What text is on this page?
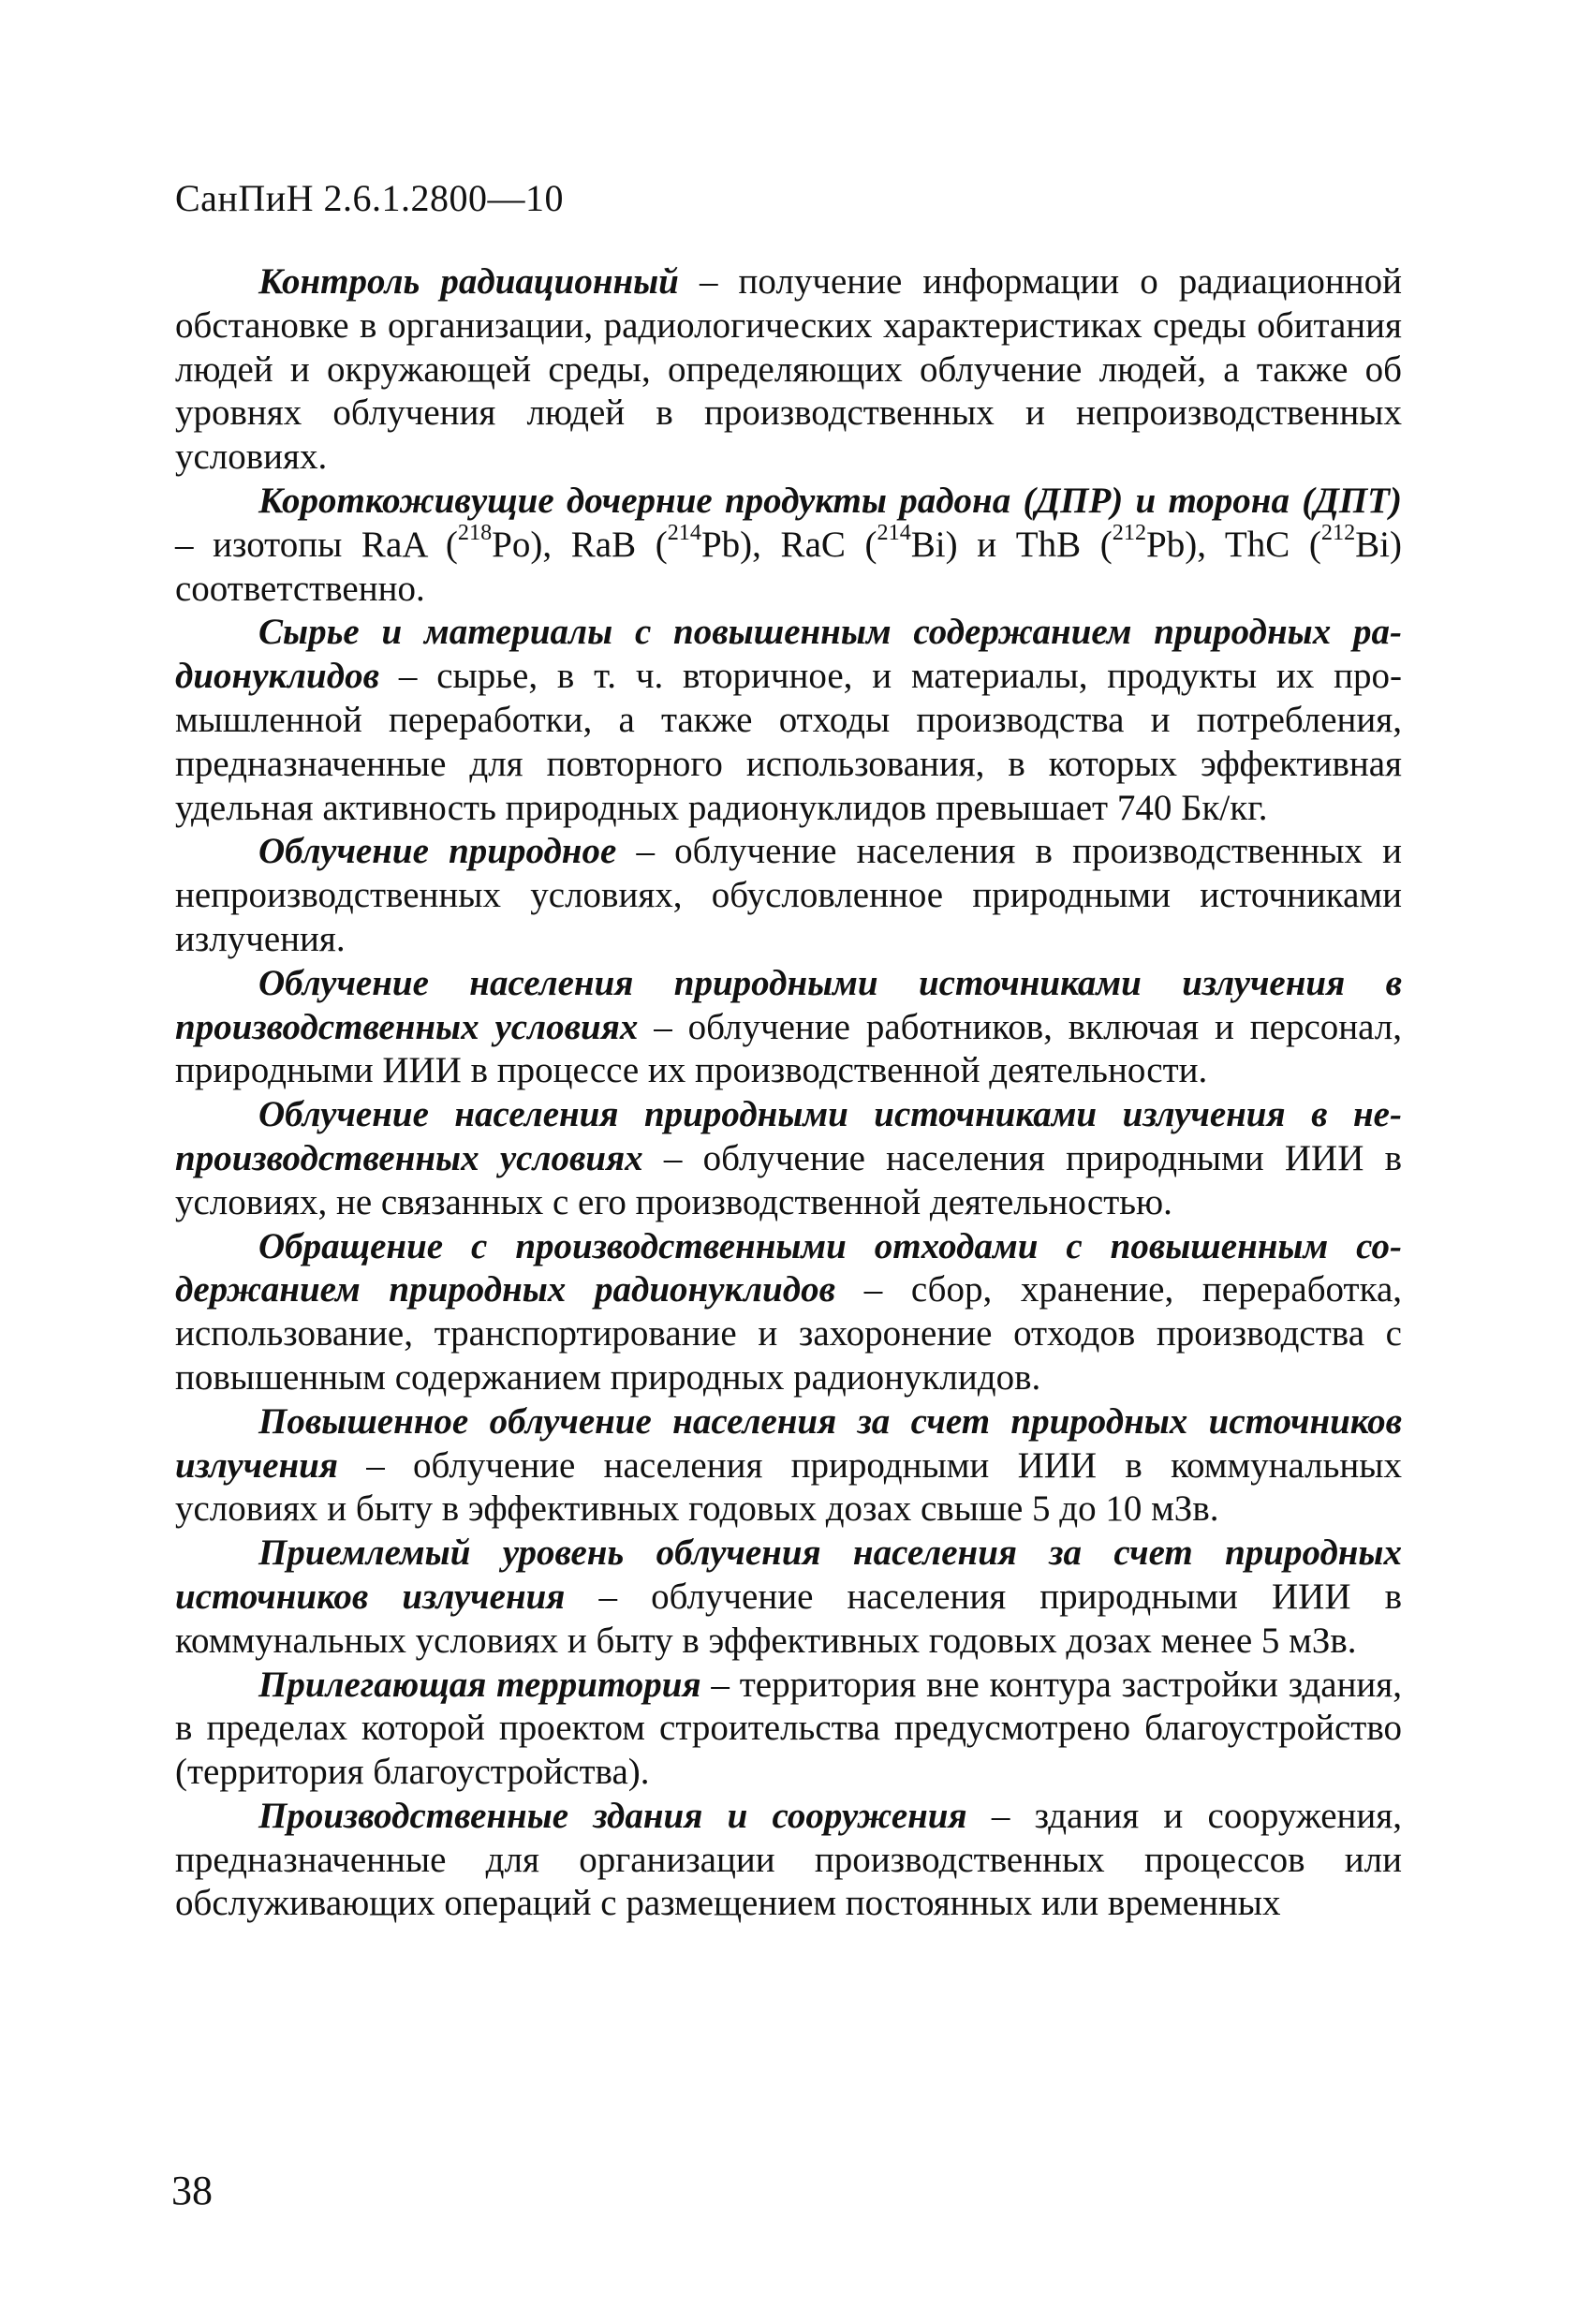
СанПиН 2.6.1.2800—10

Контроль радиационный – получение информации о радиационной обстановке в организации, радиологических характеристиках среды обитания людей и окружающей среды, определяющих облучение людей, а также об уровнях облучения людей в производственных и непроизводственных условиях.

Короткоживущие дочерние продукты радона (ДПР) и торона (ДПТ) – изотопы RaA ($^{218}$Po), RaB ($^{214}$Pb), RaC ($^{214}$Bi) и ThB ($^{212}$Pb), ThC ($^{212}$Bi) соответственно.

Сырье и материалы с повышенным содержанием природных радионуклидов – сырье, в т. ч. вторичное, и материалы, продукты их промышленной переработки, а также отходы производства и потребления, предназначенные для повторного использования, в которых эффективная удельная активность природных радионуклидов превышает 740 Бк/кг.

Облучение природное – облучение населения в производственных и непроизводственных условиях, обусловленное природными источниками излучения.

Облучение населения природными источниками излучения в производственных условиях – облучение работников, включая и персонал, природными ИИИ в процессе их производственной деятельности.

Облучение населения природными источниками излучения в непроизводственных условиях – облучение населения природными ИИИ в условиях, не связанных с его производственной деятельностью.

Обращение с производственными отходами с повышенным содержанием природных радионуклидов – сбор, хранение, переработка, использование, транспортирование и захоронение отходов производства с повышенным содержанием природных радионуклидов.

Повышенное облучение населения за счет природных источников излучения – облучение населения природными ИИИ в коммунальных условиях и быту в эффективных годовых дозах свыше 5 до 10 мЗв.

Приемлемый уровень облучения населения за счет природных источников излучения – облучение населения природными ИИИ в коммунальных условиях и быту в эффективных годовых дозах менее 5 мЗв.

Прилегающая территория – территория вне контура застройки здания, в пределах которой проектом строительства предусмотрено благоустройство (территория благоустройства).

Производственные здания и сооружения – здания и сооружения, предназначенные для организации производственных процессов или обслуживающих операций с размещением постоянных или временных

38
